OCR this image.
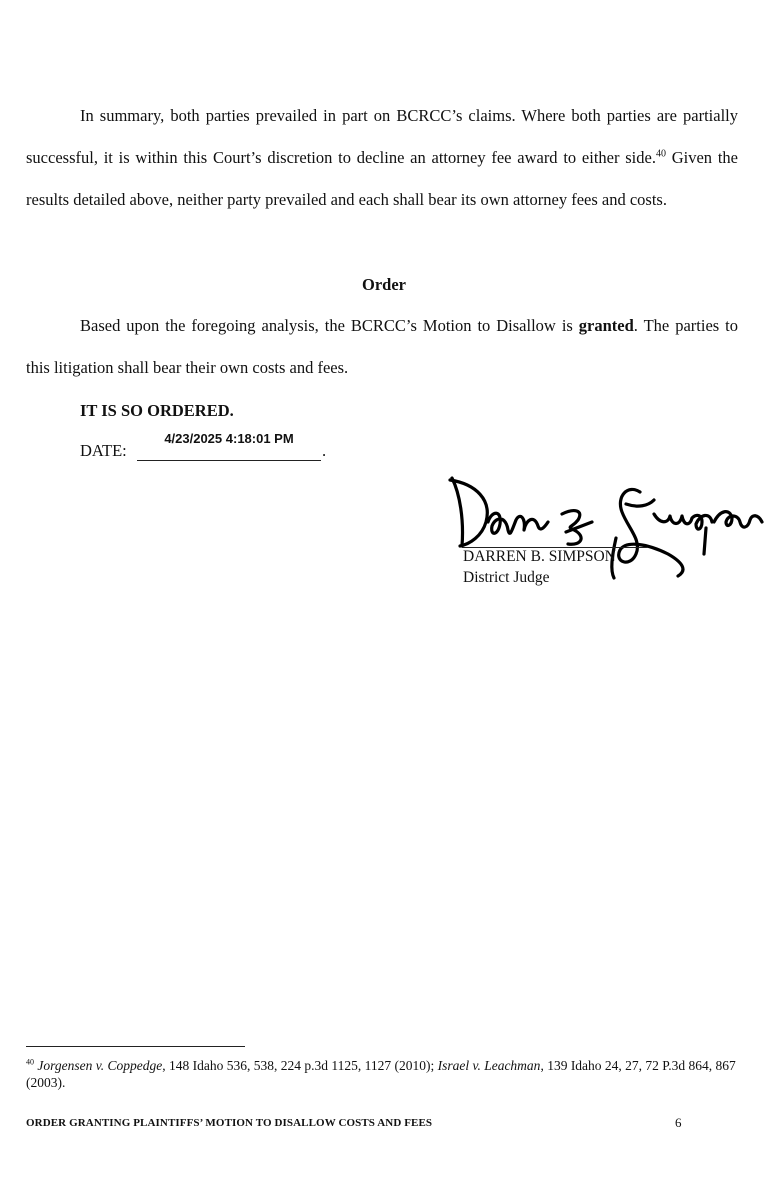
In summary, both parties prevailed in part on BCRCC’s claims. Where both parties are partially successful, it is within this Court’s discretion to decline an attorney fee award to either side.$^{40}$ Given the results detailed above, neither party prevailed and each shall bear its own attorney fees and costs.

Order

Based upon the foregoing analysis, the BCRCC’s Motion to Disallow is granted. The parties to this litigation shall bear their own costs and fees.

IT IS SO ORDERED.
DATE:
4/23/2025 4:18:01 PM
.
DARREN B. SIMPSON
District Judge
$^{40}$ Jorgensen v. Coppedge, 148 Idaho 536, 538, 224 p.3d 1125, 1127 (2010); Israel v. Leachman, 139 Idaho 24, 27, 72 P.3d 864, 867 (2003).
ORDER GRANTING PLAINTIFFS’ MOTION TO DISALLOW COSTS AND FEES	6
